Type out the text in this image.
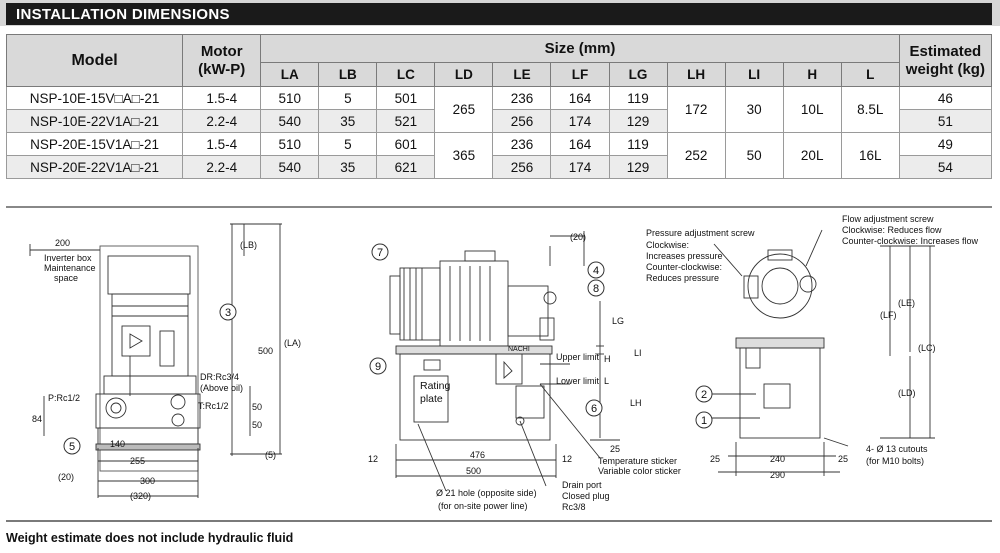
INSTALLATION DIMENSIONS
Model	Motor
(kW-P)	Size (mm)											Estimated
weight (kg)
		LA	LB	LC	LD	LE	LF	LG	LH	LI	H	L	
NSP-10E-15V□A□-21	1.5-4	510	5	501	265	236	164	119	172	30	10L	8.5L	46
NSP-10E-22V1A□-21	2.2-4	540	35	521		256	174	129					51
NSP-20E-15V1A□-21	1.5-4	510	5	601	365	236	164	119	252	50	20L	16L	49
NSP-20E-22V1A□-21	2.2-4	540	35	621		256	174	129					54
200
Inverter box
Maintenance
space
(LB)
(LA)
500
DR:Rc3/4
(Above oil)
T:Rc1/2
P:Rc1/2
84
50
50
(5)
140
255
(20)	300
(320)
(20)
NACHI
Rating
plate
Upper limit
Lower limit
H
L
LG
LI
LH
25
12	12
476
500
Ø 21 hole (opposite side)
(for on-site power line)
Temperature sticker
Variable color sticker
Drain port
Closed plug
Rc3/8
Pressure adjustment screw
Clockwise:
Increases pressure
Counter-clockwise:
Reduces pressure
Flow adjustment screw
Clockwise: Reduces flow
Counter-clockwise: Increases flow
(LF)
(LE)
(LC)
(LD)
25	240	25
290
4- Ø 13 cutouts
(for M10 bolts)
3
5
7
4
8
9
6
2
1
Weight estimate does not include hydraulic fluid
